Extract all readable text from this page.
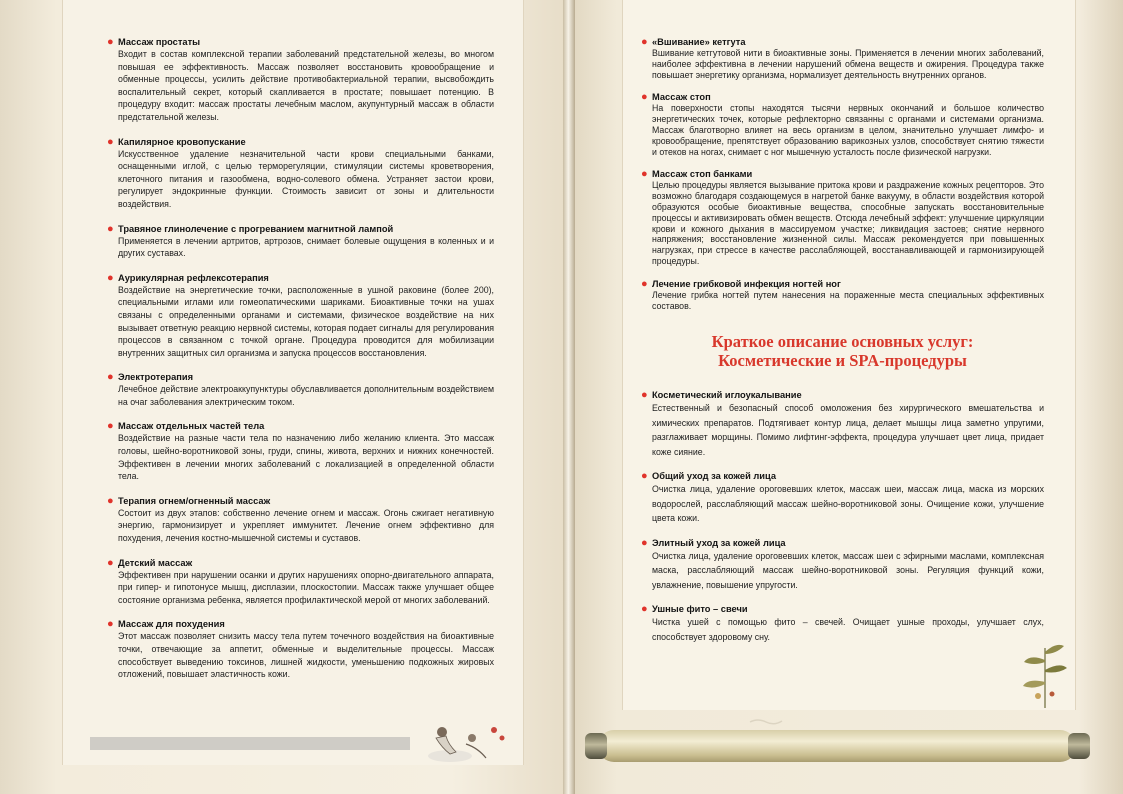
● Массаж простаты
Входит в состав комплексной терапии заболеваний предстательной железы, во многом повышая ее эффективность. Массаж позволяет восстановить кровообращение и обменные процессы, усилить действие противобактериальной терапии, высвобождить воспалительный секрет, который скапливается в простате; повышает потенцию. В процедуру входит: массаж простаты лечебным маслом, акупунтурный массаж в области предстательной железы.
● Капилярное кровопускание
Искусственное удаление незначительной части крови специальными банками, оснащенными иглой, с целью терморегуляции, стимуляции системы кроветворения, клеточного питания и газообмена, водно-солевого обмена. Устраняет застои крови, регулирует эндокринные функции. Стоимость зависит от зоны и длительности воздействия.
● Травяное глинолечение с прогреванием магнитной лампой
Применяется в лечении артритов, артрозов, снимает болевые ощущения в коленных и и других суставах.
● Аурикулярная рефлексотерапия
Воздействие на энергетические точки, расположенные в ушной раковине (более 200), специальными иглами или гомеопатическими шариками. Биоактивные точки на ушах связаны с определенными органами и системами, физическое воздействие на них вызывает ответную реакцию нервной системы, которая подает сигналы для регулирования процессов в связанном с точкой органе. Процедура проводится для мобилизации внутренних защитных сил организма и запуска процессов восстановления.
● Электротерапия
Лечебное действие электроаккупунктуры обуславливается дополнительным воздействием на очаг заболевания электрическим током.
● Массаж отдельных частей тела
Воздействие на разные части тела по назначению либо желанию клиента. Это массаж головы, шейно-воротниковой зоны, груди, спины, живота, верхних и нижних конечностей. Эффективен в лечении многих заболеваний с локализацией в определенной области тела.
● Терапия огнем/огненный массаж
Состоит из двух этапов: собственно лечение огнем и массаж. Огонь сжигает негативную энергию, гармонизирует и укрепляет иммунитет. Лечение огнем эффективно для похудения, лечения костно-мышечной системы и суставов.
● Детский массаж
Эффективен при нарушении осанки и других нарушениях опорно-двигательного аппарата, при гипер- и гипотонусе мышц, дисплазии, плоскостопии. Массаж также улучшает общее состояние организма ребенка, является профилактической мерой от многих заболеваний.
● Массаж для похудения
Этот массаж позволяет снизить массу тела путем точечного воздействия на биоактивные точки, отвечающие за аппетит, обменные и выделительные процессы. Массаж способствует выведению токсинов, лишней жидкости, уменьшению подкожных жировых отложений, повышает эластичность кожи.
● «Вшивание» кетгута
Вшивание кетгутовой нити в биоактивные зоны. Применяется в лечении многих заболеваний, наиболее эффективна в лечении нарушений обмена веществ и ожирения. Процедура также повышает энергетику организма, нормализует деятельность внутренних органов.
● Массаж стоп
На поверхности стопы находятся тысячи нервных окончаний и большое количество энергетических точек, которые рефлекторно связанны с органами и системами организма. Массаж благотворно влияет на весь организм в целом, значительно улучшает лимфо- и кровообращение, препятствует образованию варикозных узлов, способствует снятию тяжести и отеков на ногах, снимает с ног мышечную усталость после физической нагрузки.
● Массаж стоп банками
Целью процедуры является вызывание притока крови и раздражение кожных рецепторов. Это возможно благодаря создающемуся в нагретой банке вакууму, в области воздействия которой образуются особые биоактивные вещества, способные запускать восстановительные процессы и активизировать обмен веществ. Отсюда лечебный эффект: улучшение циркуляции крови и кожного дыхания в массируемом участке; ликвидация застоев; снятие нервного напряжения; восстановление жизненной силы. Массаж рекомендуется при повышенных нагрузках, при стрессе в качестве расслабляющей, восстанавливающей и гармонизирующей процедуры.
● Лечение грибковой инфекция ногтей ног
Лечение грибка ногтей путем нанесения на пораженные места специальных эффективных составов.
Краткое описание основных услуг:
Косметические и SPA-процедуры
● Косметический иглоукалывание
Естественный и безопасный способ омоложения без хирургического вмешательства и химических препаратов. Подтягивает контур лица, делает мышцы лица заметно упругими, разглаживает морщины. Помимо лифтинг-эффекта, процедура улучшает цвет лица, придает коже сияние.
● Общий уход за кожей лица
Очистка лица, удаление ороговевших клеток, массаж шеи, массаж лица, маска из морских водорослей, расслабляющий массаж шейно-воротниковой зоны. Очищение кожи, улучшение цвета кожи.
● Элитный уход за кожей лица
Очистка лица, удаление ороговевших клеток, массаж шеи с эфирными маслами, комплексная маска, расслабляющий массаж шейно-воротниковой зоны. Регуляция функций кожи, увлажнение, повышение упругости.
● Ушные фито – свечи
Чистка ушей с помощью фито – свечей. Очищает ушные проходы, улучшает слух, способствует здоровому сну.
